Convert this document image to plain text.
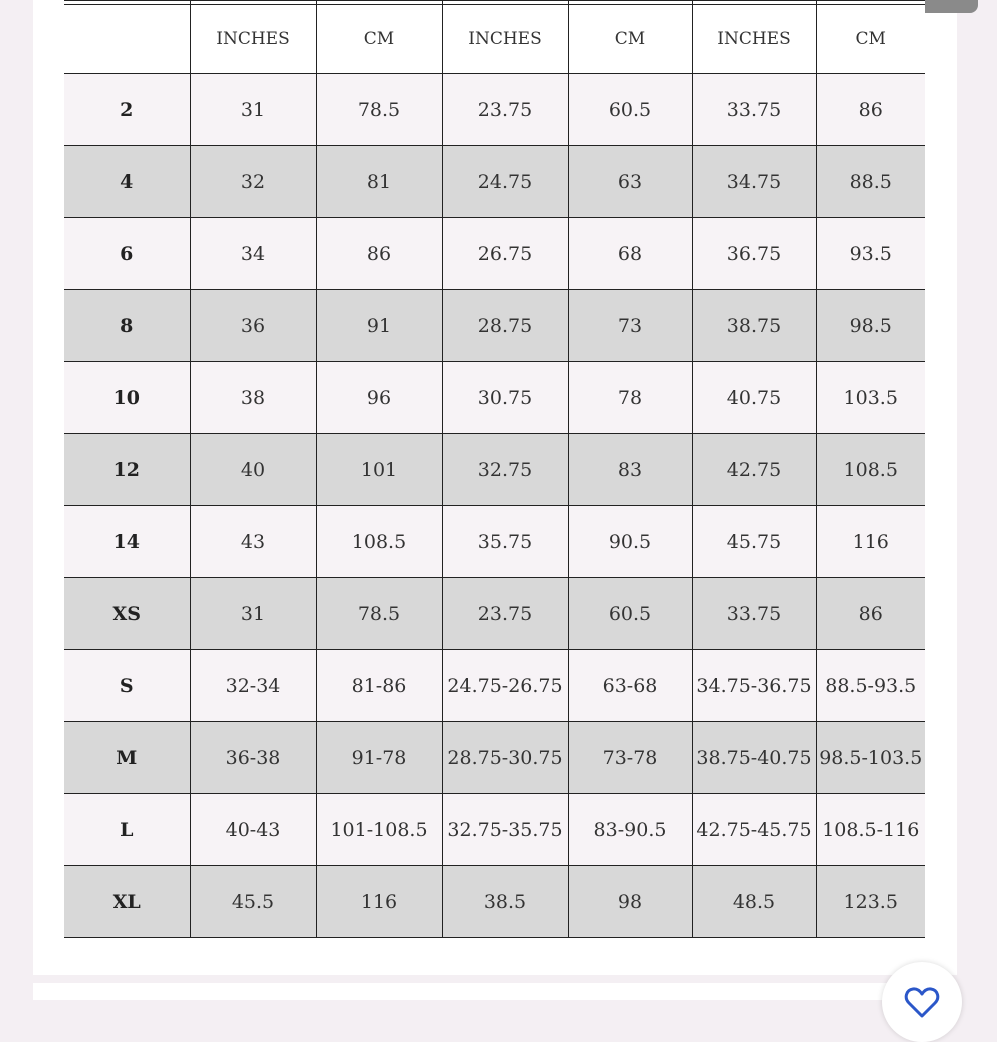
	INCHES	CM	INCHES	CM	INCHES	CM
2	31	78.5	23.75	60.5	33.75	86
4	32	81	24.75	63	34.75	88.5
6	34	86	26.75	68	36.75	93.5
8	36	91	28.75	73	38.75	98.5
10	38	96	30.75	78	40.75	103.5
12	40	101	32.75	83	42.75	108.5
14	43	108.5	35.75	90.5	45.75	116
XS	31	78.5	23.75	60.5	33.75	86
S	32-34	81-86	24.75-26.75	63-68	34.75-36.75	88.5-93.5
M	36-38	91-78	28.75-30.75	73-78	38.75-40.75	98.5-103.5
L	40-43	101-108.5	32.75-35.75	83-90.5	42.75-45.75	108.5-116
XL	45.5	116	38.5	98	48.5	123.5
